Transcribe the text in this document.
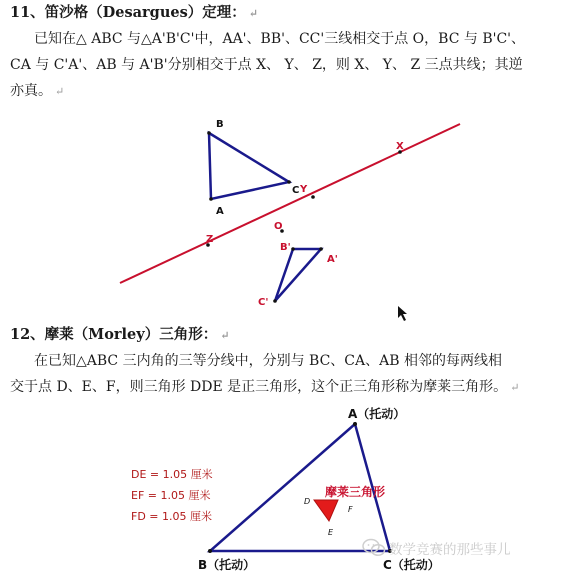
11、笛沙格（Desargues）定理： ↵
已知在△ ABC 与△A'B'C'中，AA'、BB'、CC'三线相交于点 O，BC 与 B'C'、
CA 与 C'A'、AB 与 A'B'分别相交于点 X、 Y、 Z，则 X、 Y、 Z 三点共线；其逆
亦真。 ↵
B
A
C Y
X
Z
O
B'
A'
C'
12、摩莱（Morley）三角形： ↵
在已知△ABC 三内角的三等分线中，分别与 BC、CA、AB 相邻的每两线相
交于点 D、E、F，则三角形 DDE 是正三角形，这个正三角形称为摩莱三角形。 ↵
A（托动）
B（托动）	C（托动）
摩莱三角形
D
F
E
DE = 1.05 厘米
EF = 1.05 厘米
FD = 1.05 厘米
数学竞赛的那些事儿
